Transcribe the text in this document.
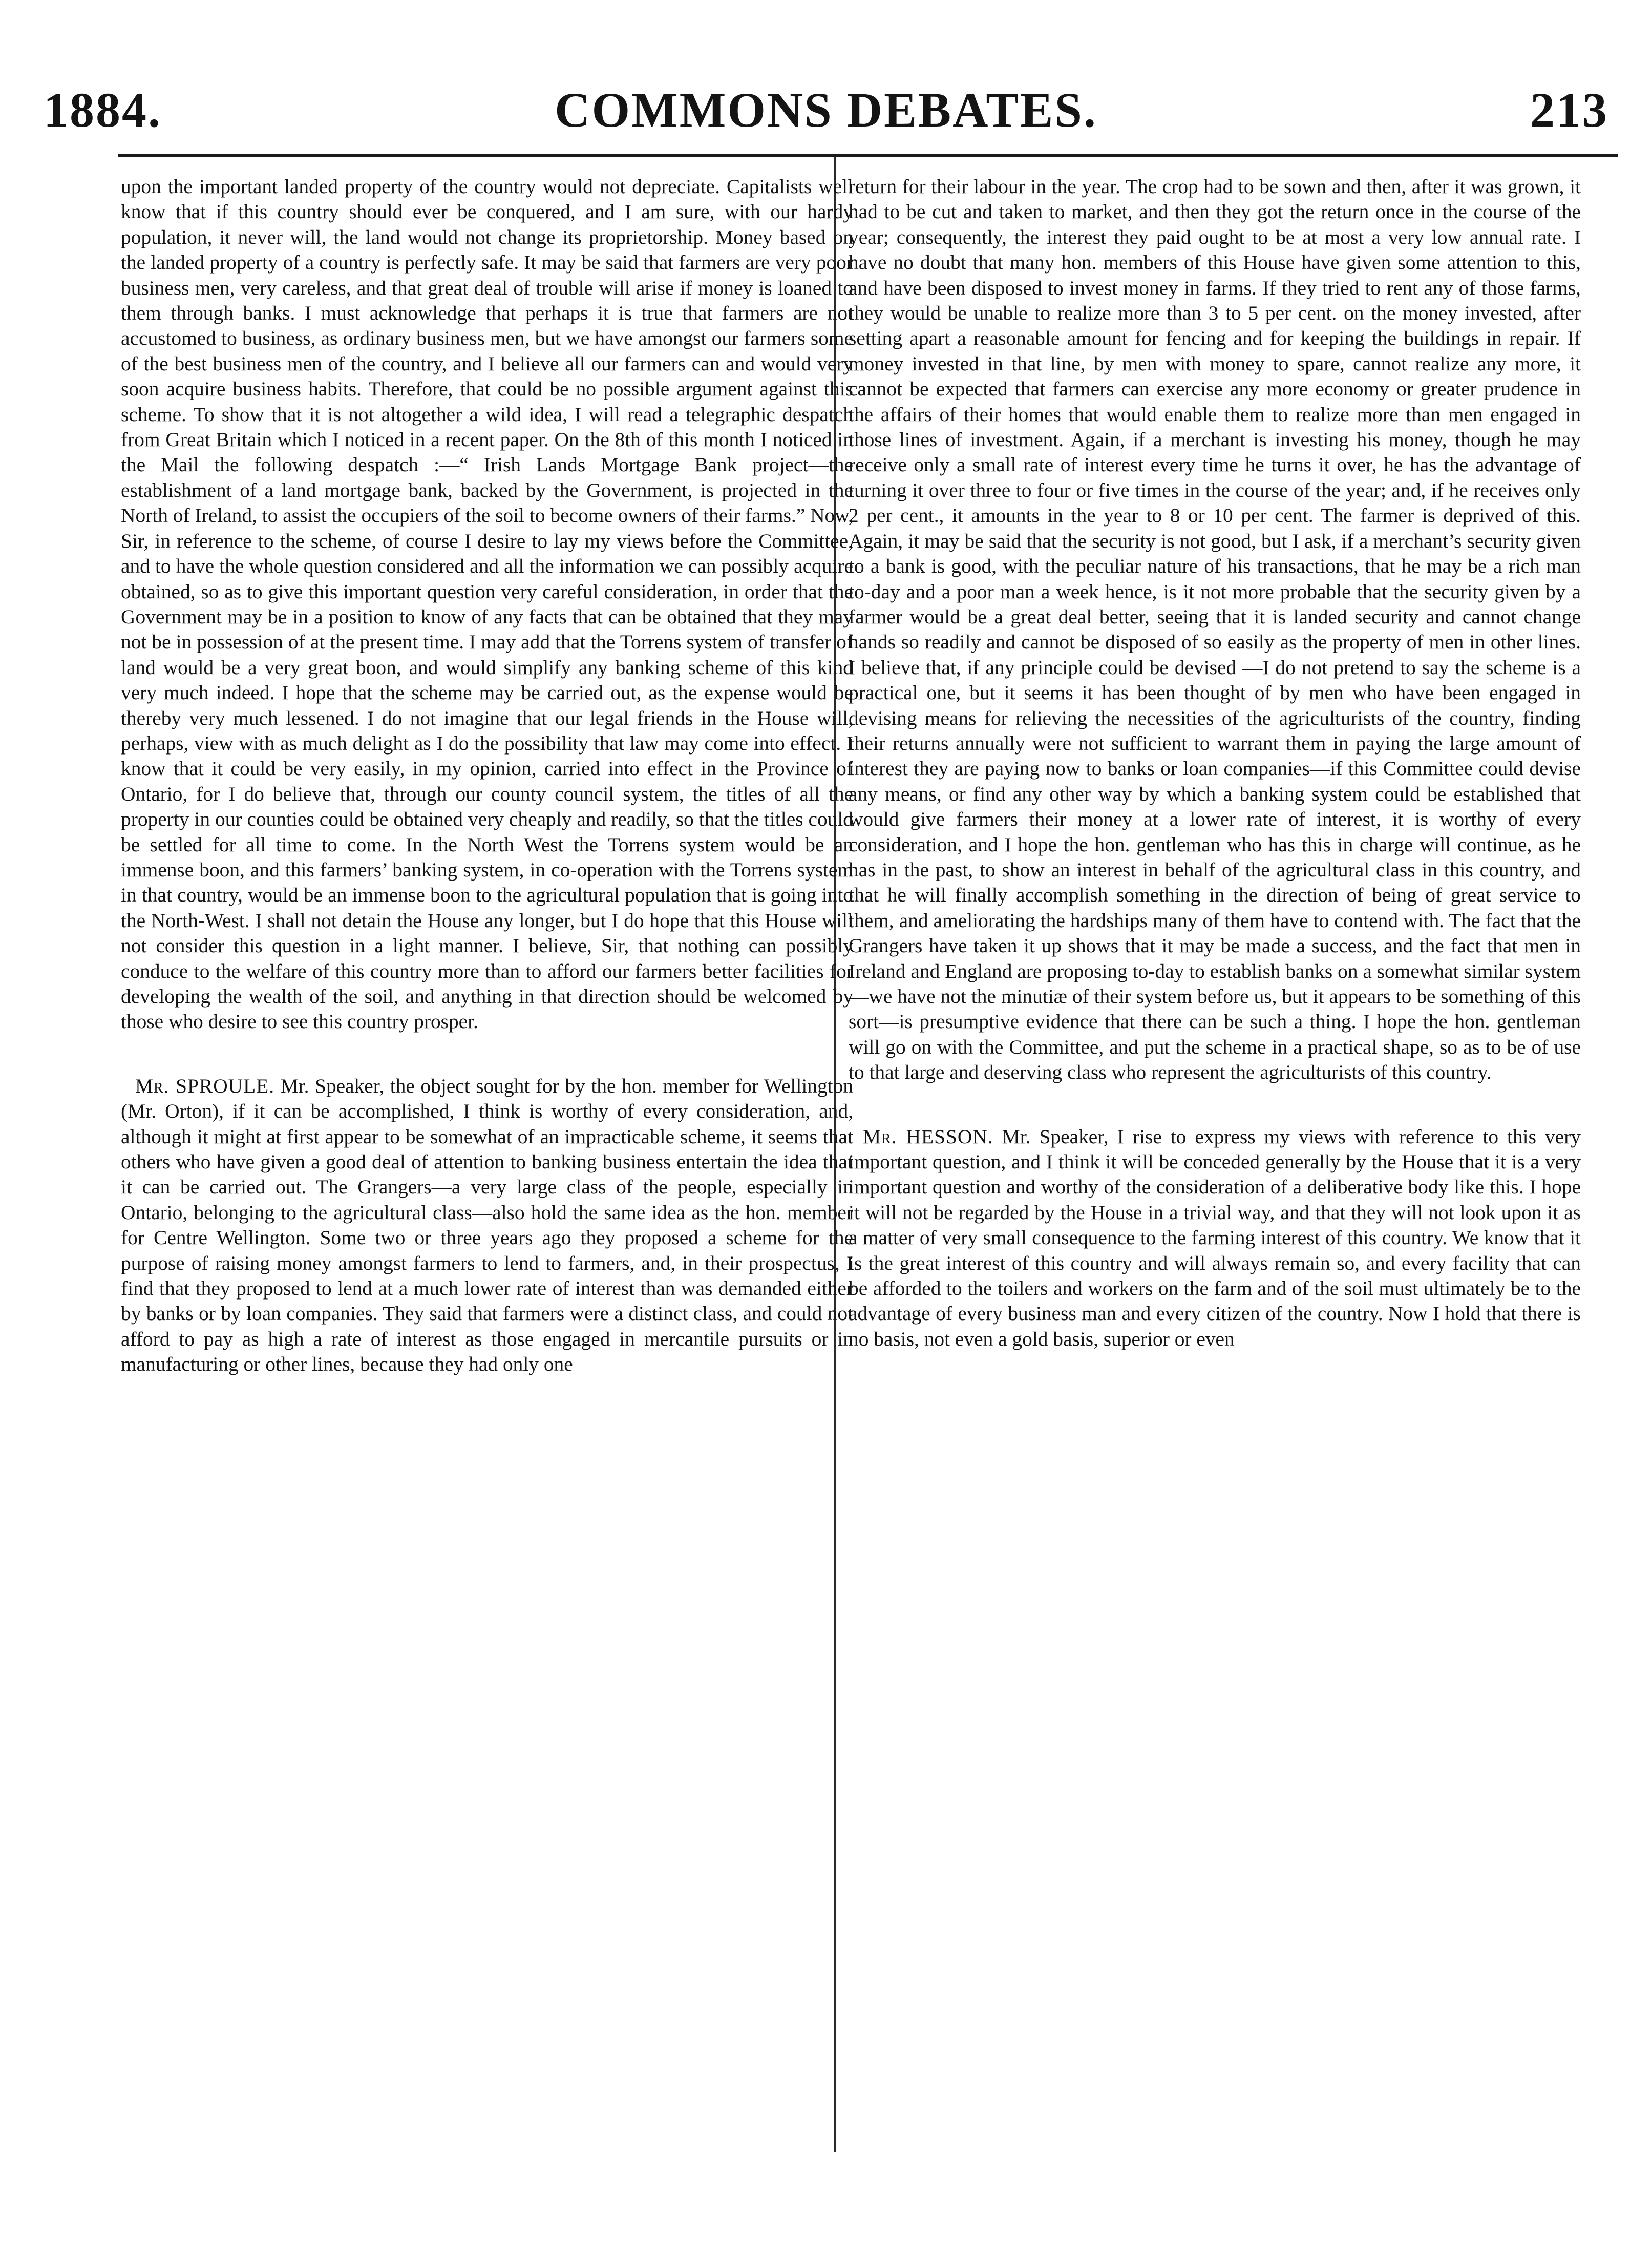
1884.	COMMONS DEBATES.	213

upon the important landed property of the country would not depreciate. Capitalists well know that if this country should ever be conquered, and I am sure, with our hardy population, it never will, the land would not change its proprietorship. Money based on the landed property of a country is perfectly safe. It may be said that farmers are very poor business men, very careless, and that great deal of trouble will arise if money is loaned to them through banks. I must acknowledge that perhaps it is true that farmers are not accustomed to business, as ordinary business men, but we have amongst our farmers some of the best business men of the country, and I believe all our farmers can and would very soon acquire business habits. Therefore, that could be no possible argument against this scheme. To show that it is not altogether a wild idea, I will read a telegraphic despatch from Great Britain which I noticed in a recent paper. On the 8th of this month I noticed in the Mail the following despatch :—“ Irish Lands Mortgage Bank project—the establishment of a land mortgage bank, backed by the Government, is projected in the North of Ireland, to assist the occupiers of the soil to become owners of their farms.” Now, Sir, in reference to the scheme, of course I desire to lay my views before the Committee, and to have the whole question considered and all the information we can possibly acquire obtained, so as to give this important question very careful consideration, in order that the Government may be in a position to know of any facts that can be obtained that they may not be in possession of at the present time. I may add that the Torrens system of transfer of land would be a very great boon, and would simplify any banking scheme of this kind very much indeed. I hope that the scheme may be carried out, as the expense would be thereby very much lessened. I do not imagine that our legal friends in the House will, perhaps, view with as much delight as I do the possibility that law may come into effect. I know that it could be very easily, in my opinion, carried into effect in the Province of Ontario, for I do believe that, through our county council system, the titles of all the property in our counties could be obtained very cheaply and readily, so that the titles could be settled for all time to come. In the North West the Torrens system would be an immense boon, and this farmers’ banking system, in co-operation with the Torrens system in that country, would be an immense boon to the agricultural population that is going into the North-West. I shall not detain the House any longer, but I do hope that this House will not consider this question in a light manner. I believe, Sir, that nothing can possibly conduce to the welfare of this country more than to afford our farmers better facilities for developing the wealth of the soil, and anything in that direction should be welcomed by those who desire to see this country prosper.

Mr. SPROULE. Mr. Speaker, the object sought for by the hon. member for Wellington (Mr. Orton), if it can be accomplished, I think is worthy of every consideration, and, although it might at first appear to be somewhat of an impracticable scheme, it seems that others who have given a good deal of attention to banking business entertain the idea that it can be carried out. The Grangers—a very large class of the people, especially in Ontario, belonging to the agricultural class—also hold the same idea as the hon. member for Centre Wellington. Some two or three years ago they proposed a scheme for the purpose of raising money amongst farmers to lend to farmers, and, in their prospectus, I find that they proposed to lend at a much lower rate of interest than was demanded either by banks or by loan companies. They said that farmers were a distinct class, and could not afford to pay as high a rate of interest as those engaged in mercantile pursuits or in manufacturing or other lines, because they had only one

return for their labour in the year. The crop had to be sown and then, after it was grown, it had to be cut and taken to market, and then they got the return once in the course of the year; consequently, the interest they paid ought to be at most a very low annual rate. I have no doubt that many hon. members of this House have given some attention to this, and have been disposed to invest money in farms. If they tried to rent any of those farms, they would be unable to realize more than 3 to 5 per cent. on the money invested, after setting apart a reasonable amount for fencing and for keeping the buildings in repair. If money invested in that line, by men with money to spare, cannot realize any more, it cannot be expected that farmers can exercise any more economy or greater prudence in the affairs of their homes that would enable them to realize more than men engaged in those lines of investment. Again, if a merchant is investing his money, though he may receive only a small rate of interest every time he turns it over, he has the advantage of turning it over three to four or five times in the course of the year; and, if he receives only 2 per cent., it amounts in the year to 8 or 10 per cent. The farmer is deprived of this. Again, it may be said that the security is not good, but I ask, if a merchant’s security given to a bank is good, with the peculiar nature of his transactions, that he may be a rich man to-day and a poor man a week hence, is it not more probable that the security given by a farmer would be a great deal better, seeing that it is landed security and cannot change hands so readily and cannot be disposed of so easily as the property of men in other lines. I believe that, if any principle could be devised —I do not pretend to say the scheme is a practical one, but it seems it has been thought of by men who have been engaged in devising means for relieving the necessities of the agriculturists of the country, finding their returns annually were not sufficient to warrant them in paying the large amount of interest they are paying now to banks or loan companies—if this Committee could devise any means, or find any other way by which a banking system could be established that would give farmers their money at a lower rate of interest, it is worthy of every consideration, and I hope the hon. gentleman who has this in charge will continue, as he has in the past, to show an interest in behalf of the agricultural class in this country, and that he will finally accomplish something in the direction of being of great service to them, and ameliorating the hardships many of them have to contend with. The fact that the Grangers have taken it up shows that it may be made a success, and the fact that men in Ireland and England are proposing to-day to establish banks on a somewhat similar system —we have not the minutiæ of their system before us, but it appears to be something of this sort—is presumptive evidence that there can be such a thing. I hope the hon. gentleman will go on with the Committee, and put the scheme in a practical shape, so as to be of use to that large and deserving class who represent the agriculturists of this country.

Mr. HESSON. Mr. Speaker, I rise to express my views with reference to this very important question, and I think it will be conceded generally by the House that it is a very important question and worthy of the consideration of a deliberative body like this. I hope it will not be regarded by the House in a trivial way, and that they will not look upon it as a matter of very small consequence to the farming interest of this country. We know that it is the great interest of this country and will always remain so, and every facility that can be afforded to the toilers and workers on the farm and of the soil must ultimately be to the advantage of every business man and every citizen of the country. Now I hold that there is no basis, not even a gold basis, superior or even
